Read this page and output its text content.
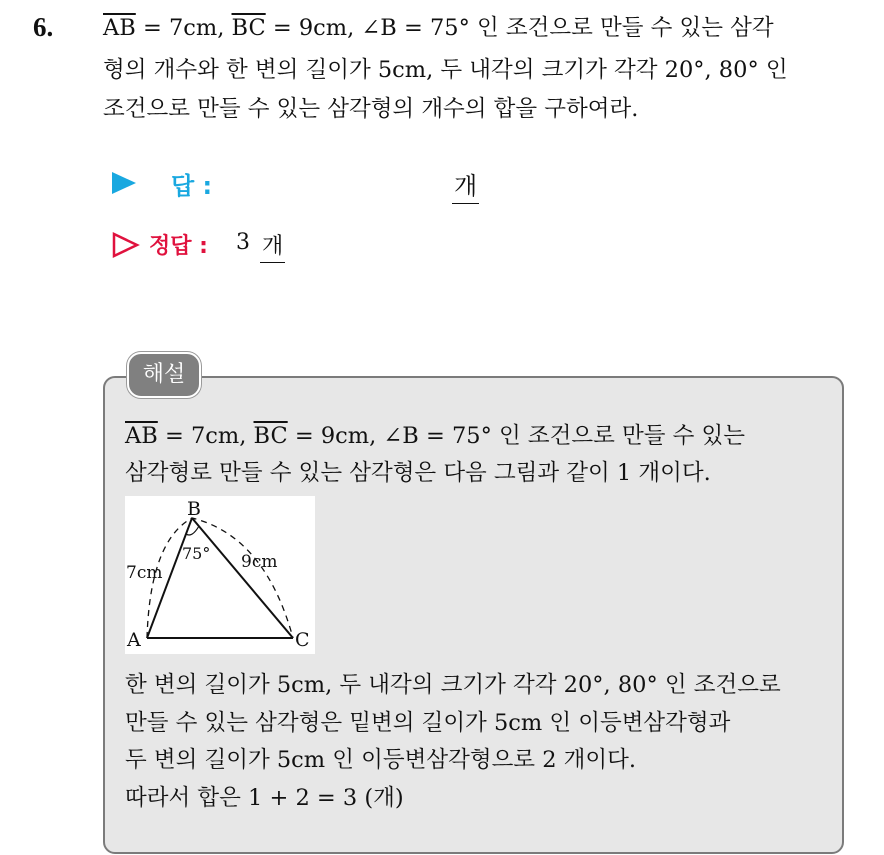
6. $\overline{AB} = 7cm$, $\overline{BC} = 9cm$, ∠B = 75° 인 조건으로 만들 수 있는 삼각
형의 개수와 한 변의 길이가 5cm, 두 내각의 크기가 각각 20°, 80° 인
조건으로 만들 수 있는 삼각형의 개수의 합을 구하여라.
답 :	개
정답 : 3 개
해설
$\overline{AB} = 7cm$, $\overline{BC} = 9cm$, ∠B = 75° 인 조건으로 만들 수 있는
삼각형로 만들 수 있는 삼각형은 다음 그림과 같이 1 개이다.
B
A	C
75°
7cm
9cm
한 변의 길이가 5cm, 두 내각의 크기가 각각 20°, 80° 인 조건으로
만들 수 있는 삼각형은 밑변의 길이가 5cm 인 이등변삼각형과
두 변의 길이가 5cm 인 이등변삼각형으로 2 개이다.
따라서 합은 1 + 2 = 3 (개)
